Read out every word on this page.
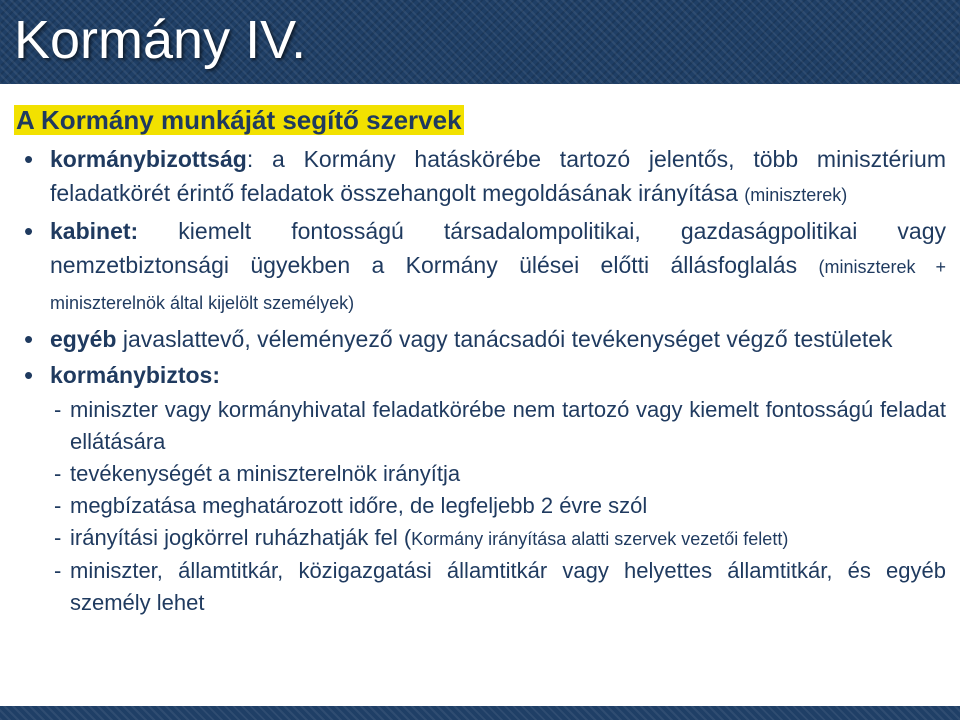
Kormány IV.
A Kormány munkáját segítő szervek
• kormánybizottság: a Kormány hatáskörébe tartozó jelentős, több minisztérium feladatkörét érintő feladatok összehangolt megoldásának irányítása (miniszterek)
• kabinet: kiemelt fontosságú társadalompolitikai, gazdaságpolitikai vagy nemzetbiztonsági ügyekben a Kormány ülései előtti állásfoglalás (miniszterek + miniszterelnök által kijelölt személyek)
• egyéb javaslattevő, véleményező vagy tanácsadói tevékenységet végző testületek
• kormánybiztos:
- miniszter vagy kormányhivatal feladatkörébe nem tartozó vagy kiemelt fontosságú feladat ellátására
- tevékenységét a miniszterelnök irányítja
- megbízatása meghatározott időre, de legfeljebb 2 évre szól
- irányítási jogkörrel ruházhatják fel (Kormány irányítása alatti szervek vezetői felett)
- miniszter, államtitkár, közigazgatási államtitkár vagy helyettes államtitkár, és egyéb személy lehet
